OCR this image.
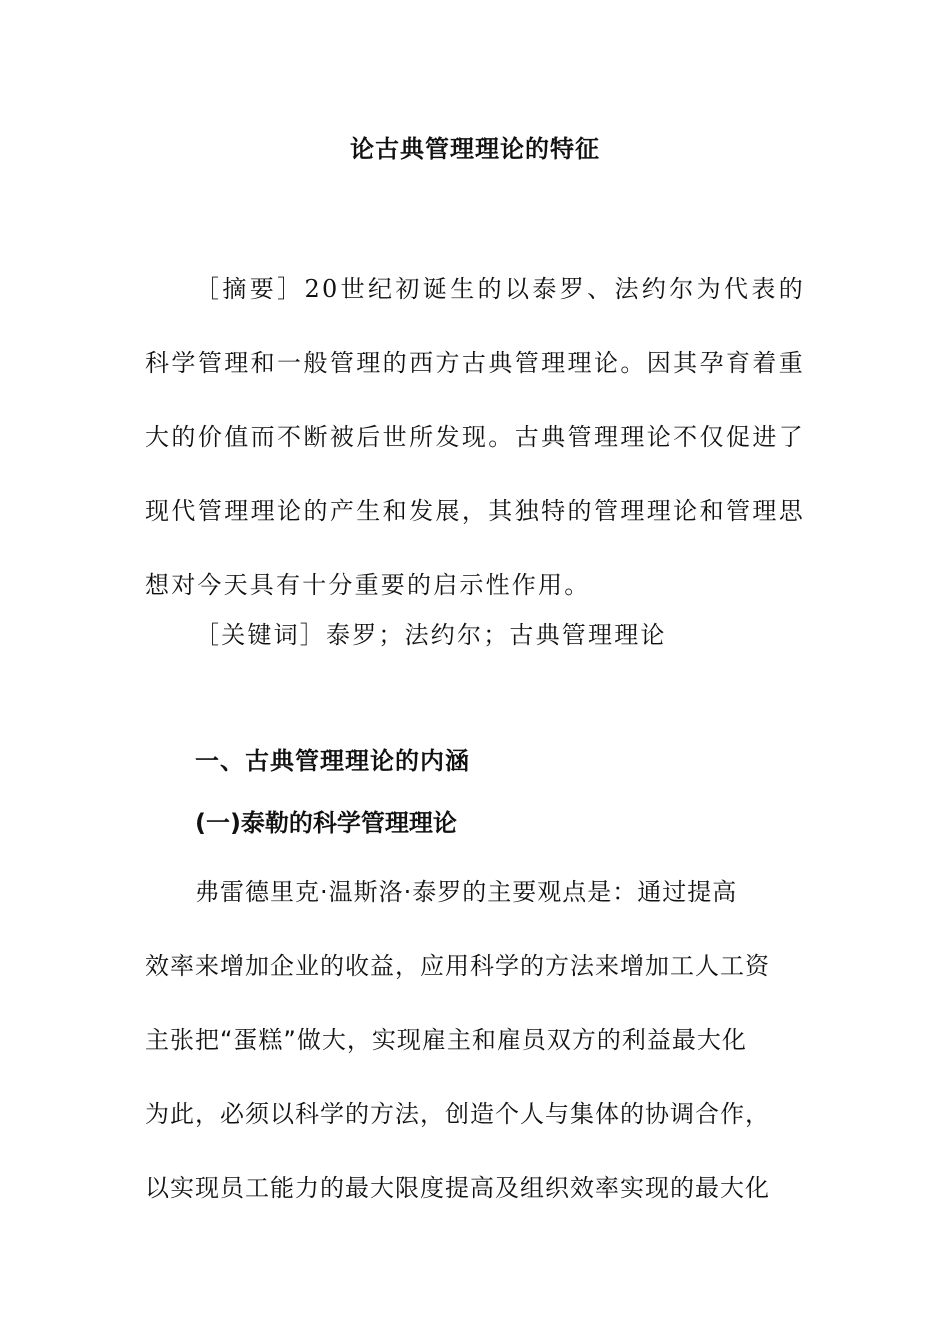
论古典管理理论的特征

［摘要］20世纪初诞生的以泰罗、法约尔为代表的科学管理和一般管理的西方古典管理理论。因其孕育着重大的价值而不断被后世所发现。古典管理理论不仅促进了现代管理理论的产生和发展，其独特的管理理论和管理思想对今天具有十分重要的启示性作用。

［关键词］泰罗；法约尔；古典管理理论

一、古典管理理论的内涵
(一)泰勒的科学管理理论
弗雷德里克·温斯洛·泰罗的主要观点是：通过提高
效率来增加企业的收益，应用科学的方法来增加工人工资
主张把“蛋糕”做大，实现雇主和雇员双方的利益最大化
为此，必须以科学的方法，创造个人与集体的协调合作，
以实现员工能力的最大限度提高及组织效率实现的最大化
